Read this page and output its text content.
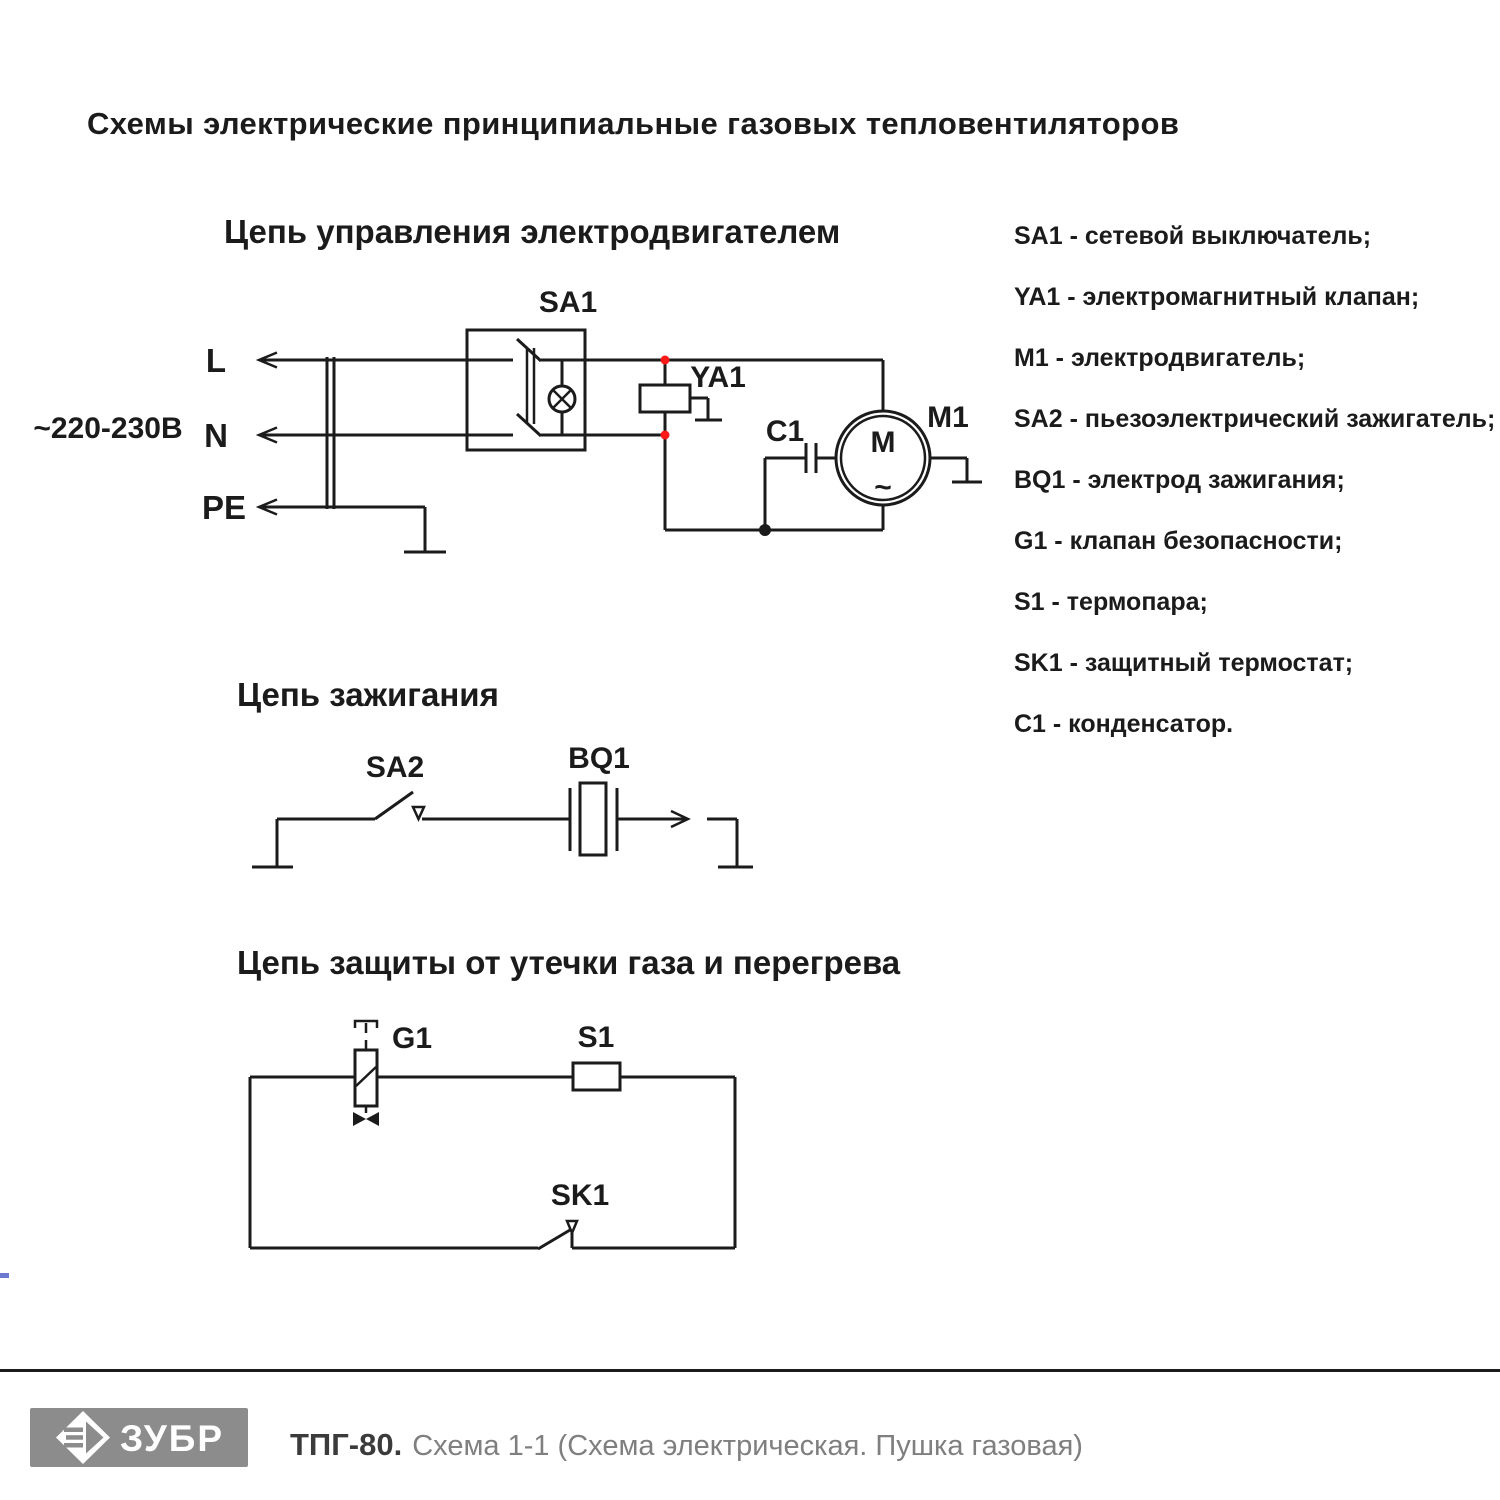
Схемы электрические принципиальные газовых тепловентиляторов
Цепь управления электродвигателем
Цепь зажигания
Цепь защиты от утечки газа и перегрева
SA1 - сетевой выключатель;
YA1 - электромагнитный клапан;
M1 - электродвигатель;
SA2 - пьезоэлектрический зажигатель;
BQ1 - электрод зажигания;
G1 - клапан безопасности;
S1 - термопара;
SK1 - защитный термостат;
C1 - конденсатор.
~220-230В
L
N
PE
SA1
YA1
C1	M1
M
~
SA2	BQ1
G1	S1
SK1
ЗУБР ТПГ-80. Схема 1-1 (Схема электрическая. Пушка газовая)
